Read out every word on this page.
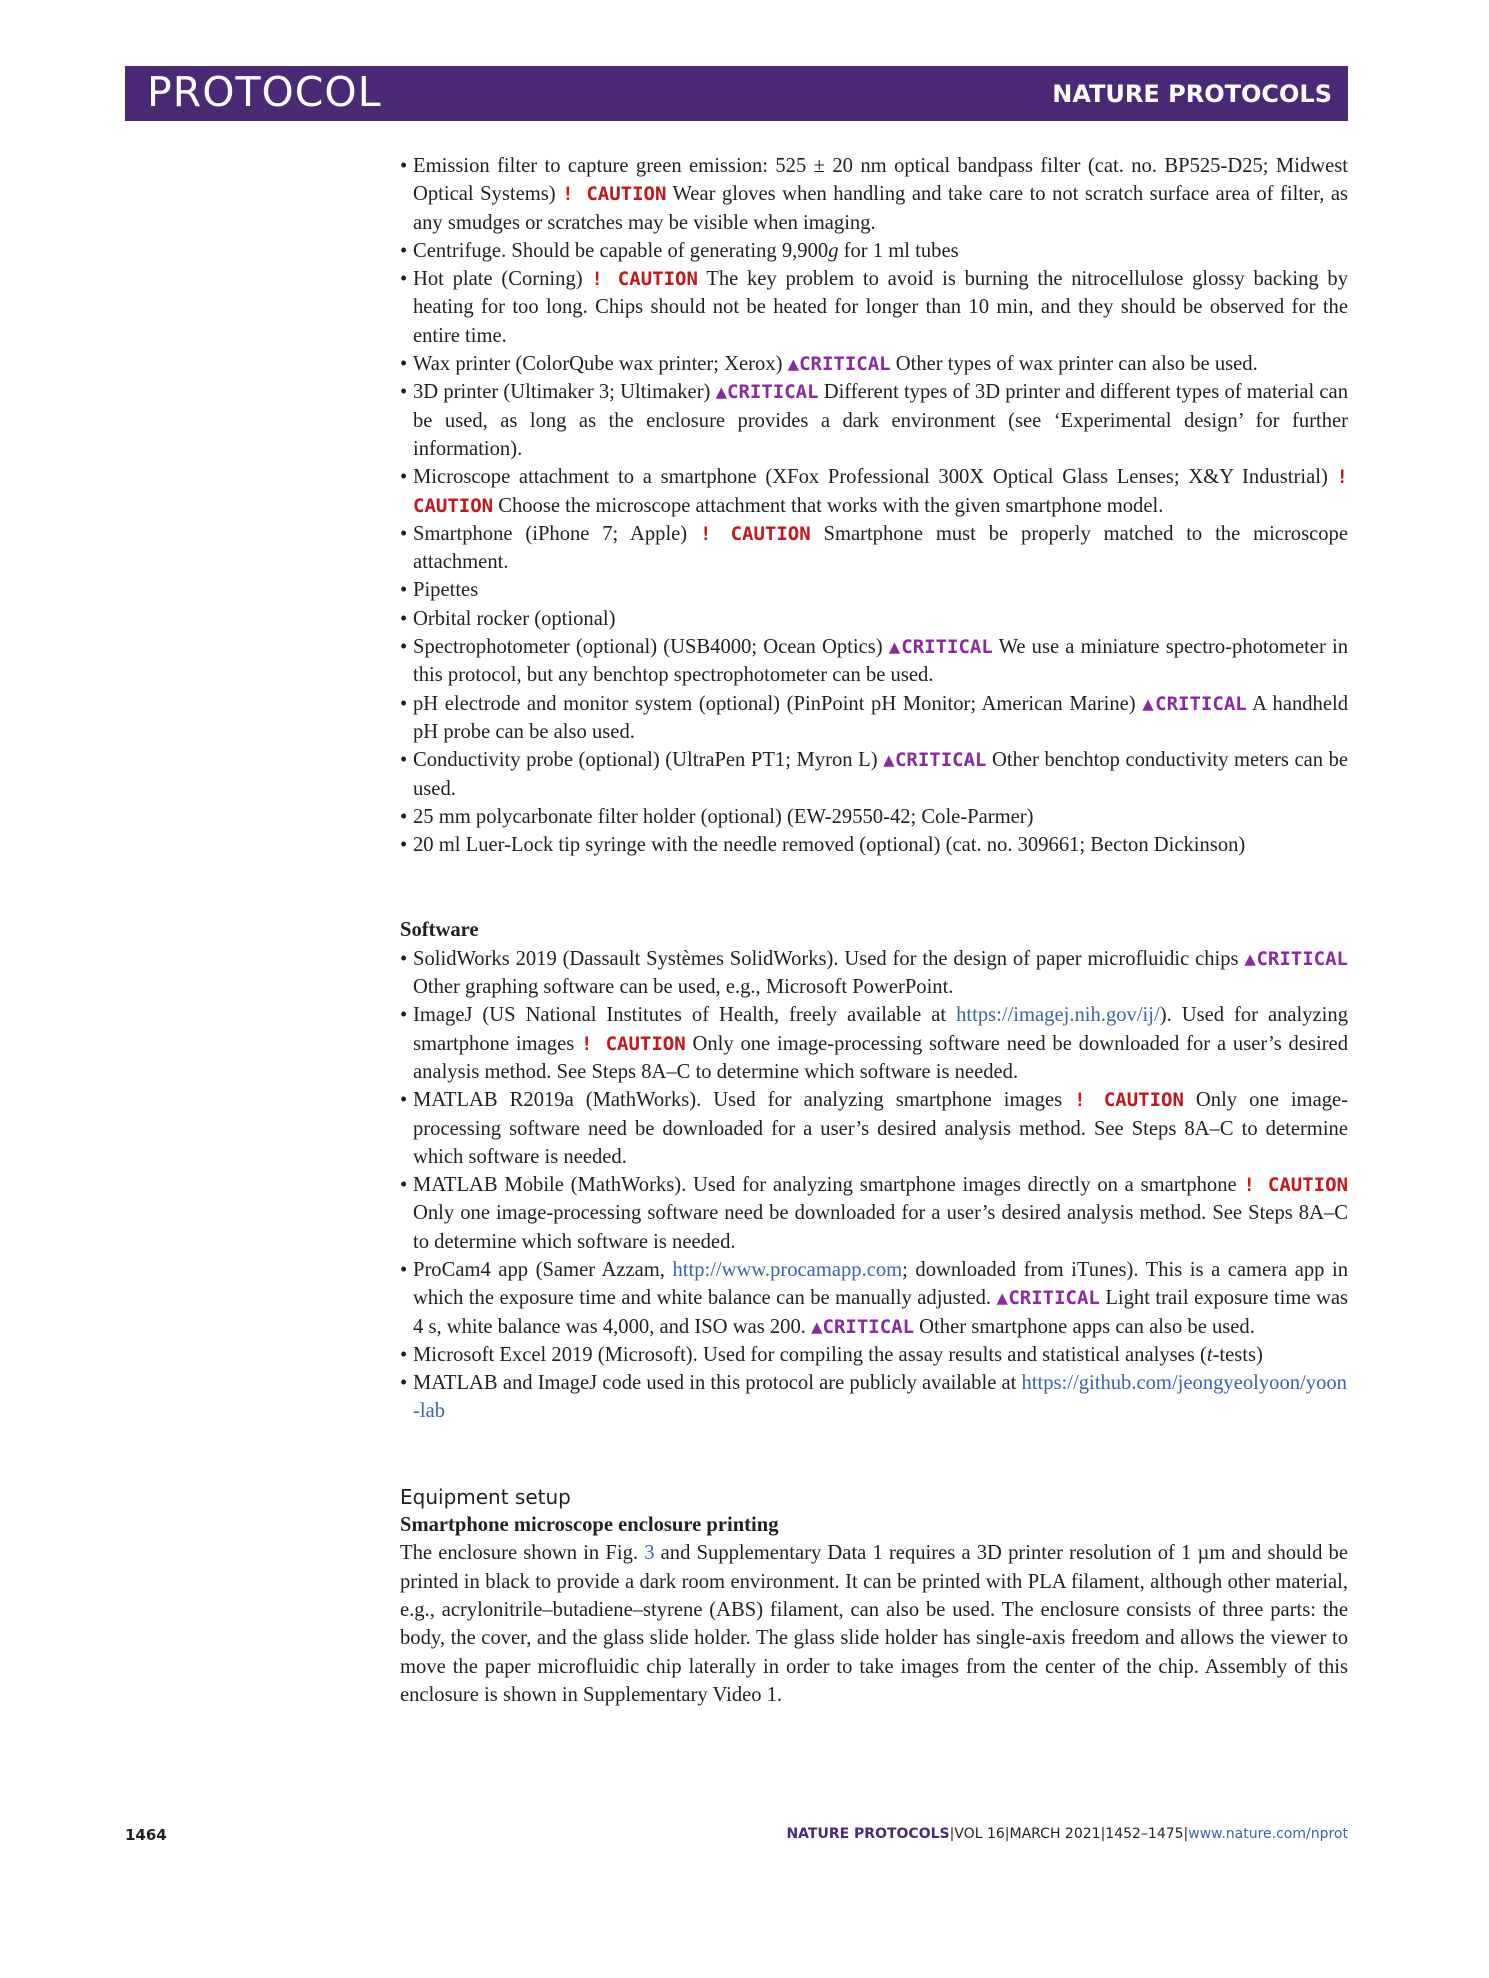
PROTOCOL	NATURE PROTOCOLS
• Emission filter to capture green emission: 525 ± 20 nm optical bandpass filter (cat. no. BP525-D25; Midwest Optical Systems) ! CAUTION Wear gloves when handling and take care to not scratch surface area of filter, as any smudges or scratches may be visible when imaging.
• Centrifuge. Should be capable of generating 9,900g for 1 ml tubes
• Hot plate (Corning) ! CAUTION The key problem to avoid is burning the nitrocellulose glossy backing by heating for too long. Chips should not be heated for longer than 10 min, and they should be observed for the entire time.
• Wax printer (ColorQube wax printer; Xerox) ▲CRITICAL Other types of wax printer can also be used.
• 3D printer (Ultimaker 3; Ultimaker) ▲CRITICAL Different types of 3D printer and different types of material can be used, as long as the enclosure provides a dark environment (see ‘Experimental design’ for further information).
• Microscope attachment to a smartphone (XFox Professional 300X Optical Glass Lenses; X&Y Industrial) ! CAUTION Choose the microscope attachment that works with the given smartphone model.
• Smartphone (iPhone 7; Apple) ! CAUTION Smartphone must be properly matched to the microscope attachment.
• Pipettes
• Orbital rocker (optional)
• Spectrophotometer (optional) (USB4000; Ocean Optics) ▲CRITICAL We use a miniature spectro-photometer in this protocol, but any benchtop spectrophotometer can be used.
• pH electrode and monitor system (optional) (PinPoint pH Monitor; American Marine) ▲CRITICAL A handheld pH probe can be also used.
• Conductivity probe (optional) (UltraPen PT1; Myron L) ▲CRITICAL Other benchtop conductivity meters can be used.
• 25 mm polycarbonate filter holder (optional) (EW-29550-42; Cole-Parmer)
• 20 ml Luer-Lock tip syringe with the needle removed (optional) (cat. no. 309661; Becton Dickinson)

Software

• SolidWorks 2019 (Dassault Systèmes SolidWorks). Used for the design of paper microfluidic chips ▲CRITICAL Other graphing software can be used, e.g., Microsoft PowerPoint.
• ImageJ (US National Institutes of Health, freely available at https://imagej.nih.gov/ij/). Used for analyzing smartphone images ! CAUTION Only one image-processing software need be downloaded for a user’s desired analysis method. See Steps 8A–C to determine which software is needed.
• MATLAB R2019a (MathWorks). Used for analyzing smartphone images ! CAUTION Only one image-processing software need be downloaded for a user’s desired analysis method. See Steps 8A–C to determine which software is needed.
• MATLAB Mobile (MathWorks). Used for analyzing smartphone images directly on a smartphone ! CAUTION Only one image-processing software need be downloaded for a user’s desired analysis method. See Steps 8A–C to determine which software is needed.
• ProCam4 app (Samer Azzam, http://www.procamapp.com; downloaded from iTunes). This is a camera app in which the exposure time and white balance can be manually adjusted. ▲CRITICAL Light trail exposure time was 4 s, white balance was 4,000, and ISO was 200. ▲CRITICAL Other smartphone apps can also be used.
• Microsoft Excel 2019 (Microsoft). Used for compiling the assay results and statistical analyses (t-tests)
• MATLAB and ImageJ code used in this protocol are publicly available at https://github.com/jeongyeolyoon/yoon-lab

Equipment setup

Smartphone microscope enclosure printing

The enclosure shown in Fig. 3 and Supplementary Data 1 requires a 3D printer resolution of 1 µm and should be printed in black to provide a dark room environment. It can be printed with PLA filament, although other material, e.g., acrylonitrile–butadiene–styrene (ABS) filament, can also be used. The enclosure consists of three parts: the body, the cover, and the glass slide holder. The glass slide holder has single-axis freedom and allows the viewer to move the paper microfluidic chip laterally in order to take images from the center of the chip. Assembly of this enclosure is shown in Supplementary Video 1.

1464	NATURE PROTOCOLS|VOL 16|MARCH 2021|1452–1475|www.nature.com/nprot
